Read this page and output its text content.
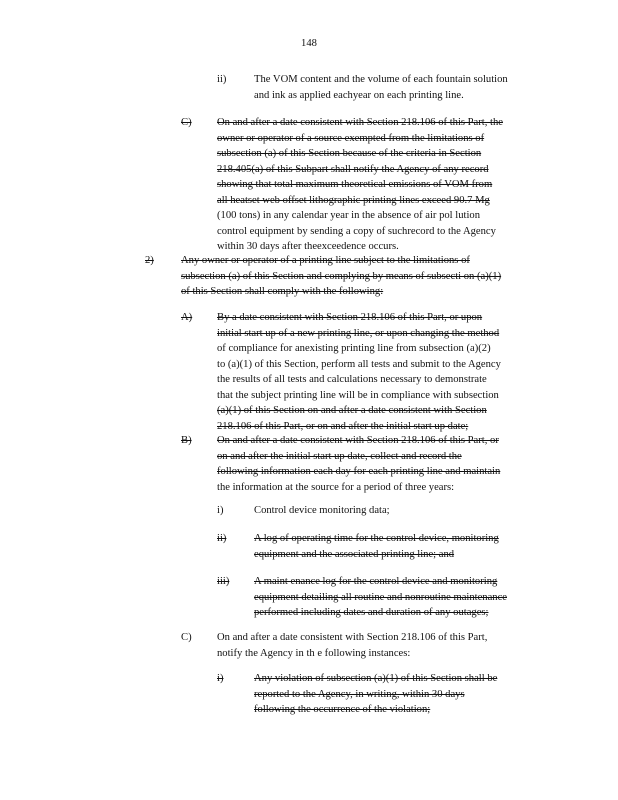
148
ii)	The VOM content and the volume of each fountain solution
and ink as applied eachyear on each printing line.
C) On and after a date consistent with Section 218.106 of this Part, the
owner or operator of a source exempted from the limitations of
subsection (a) of this Section because of the criteria in Section
218.405(a) of this Subpart shall notify the Agency of any record
showing that total maximum theoretical emissions of VOM from
all heatset web offset lithographic printing lines exceed 90.7 Mg
(100 tons) in any calendar year in the absence of air pol lution
control equipment by sending a copy of suchrecord to the Agency
within 30 days after theexceedence occurs.
2)	Any owner or operator of a printing line subject to the limitations of
subsection (a) of this Section and complying by means of subsecti on (a)(1)
of this Section shall comply with the following:
A) By a date consistent with Section 218.106 of this Part, or upon
initial start up of a new printing line, or upon changing the method
of compliance for anexisting printing line from subsection (a)(2)
to (a)(1) of this Section, perform all tests and submit to the Agency
the results of all tests and calculations necessary to demonstrate
that the subject printing line will be in compliance with subsection
(a)(1) of this Section on and after a date consistent with Section
218.106 of this Part, or on and after the initial start up date;
B) On and after a date consistent with Section 218.106 of this Part, or
on and after the initial start up date, collect and record the
following information each day for each printing line and maintain
the information at the source for a period of three years:
i)	Control device monitoring data;
ii)	A log of operating time for the control device, monitoring
equipment and the associated printing line; and
iii) A maint enance log for the control device and monitoring
equipment detailing all routine and nonroutine maintenance
performed including dates and duration of any outages;
C) On and after a date consistent with Section 218.106 of this Part,
notify the Agency in th e following instances:
i)	Any violation of subsection (a)(1) of this Section shall be
reported to the Agency, in writing, within 30 days
following the occurrence of the violation;
